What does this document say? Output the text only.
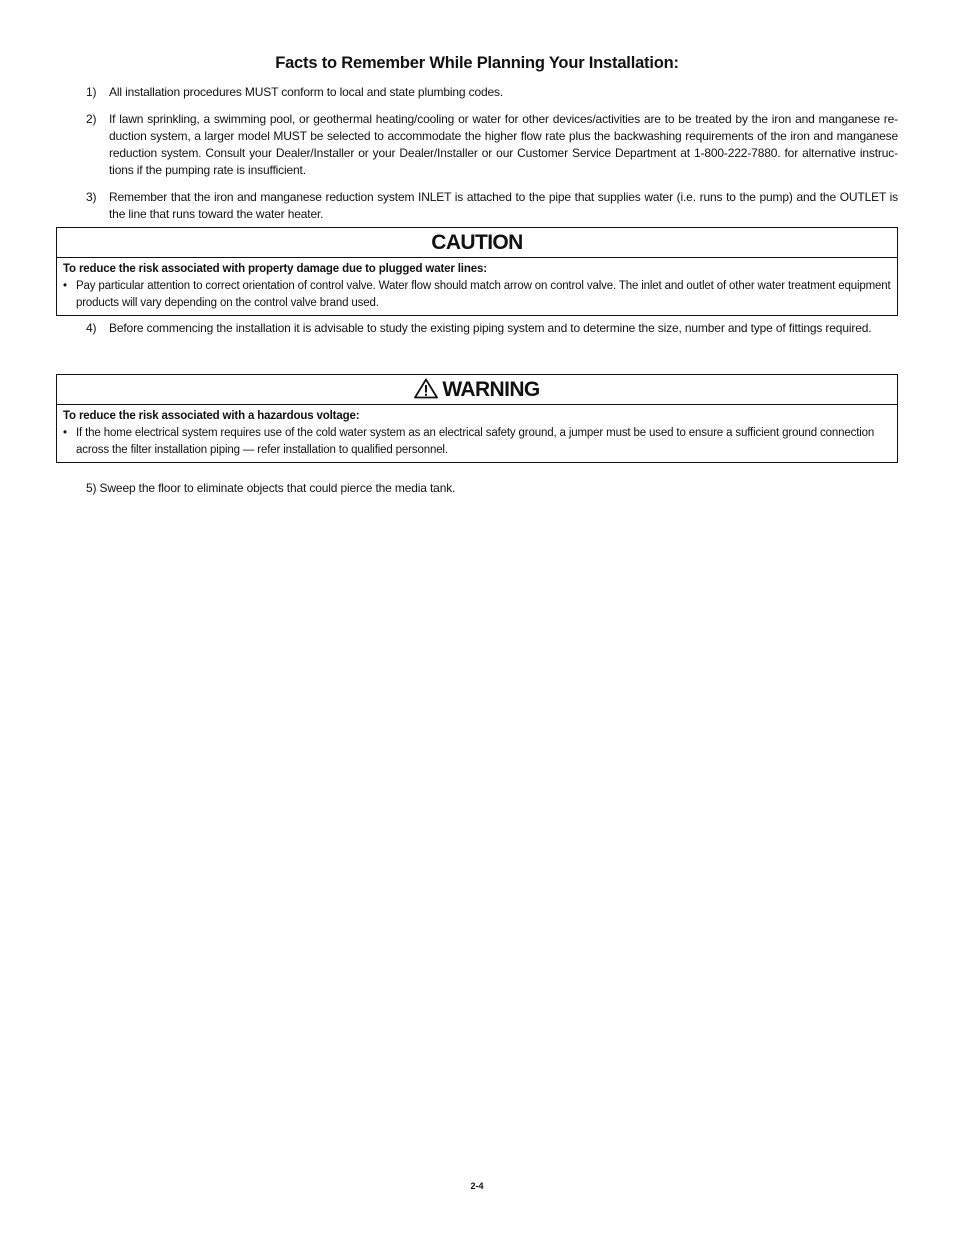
Facts to Remember While Planning Your Installation:
1)	All installation procedures MUST conform to local and state plumbing codes.
2)	If lawn sprinkling, a swimming pool, or geothermal heating/cooling or water for other devices/activities are to be treated by the iron and manganese re-duction system, a larger model MUST be selected to accommodate the higher flow rate plus the backwashing requirements of the iron and manganese reduction system. Consult your Dealer/Installer or your Dealer/Installer or our Customer Service Department at 1-800-222-7880. for alternative instruc-tions if the pumping rate is insufficient.
3)	Remember that the iron and manganese reduction system INLET is attached to the pipe that supplies water (i.e. runs to the pump) and the OUTLET is the line that runs toward the water heater.
CAUTION
To reduce the risk associated with property damage due to plugged water lines:
• Pay particular attention to correct orientation of control valve. Water flow should match arrow on control valve. The inlet and outlet of other water treatment equipment products will vary depending on the control valve brand used.
4)	Before commencing the installation it is advisable to study the existing piping system and to determine the size, number and type of fittings required.
WARNING
To reduce the risk associated with a hazardous voltage:
• If the home electrical system requires use of the cold water system as an electrical safety ground, a jumper must be used to ensure a sufficient ground connection across the filter installation piping — refer installation to qualified personnel.
5) Sweep the floor to eliminate objects that could pierce the media tank.
2-4
